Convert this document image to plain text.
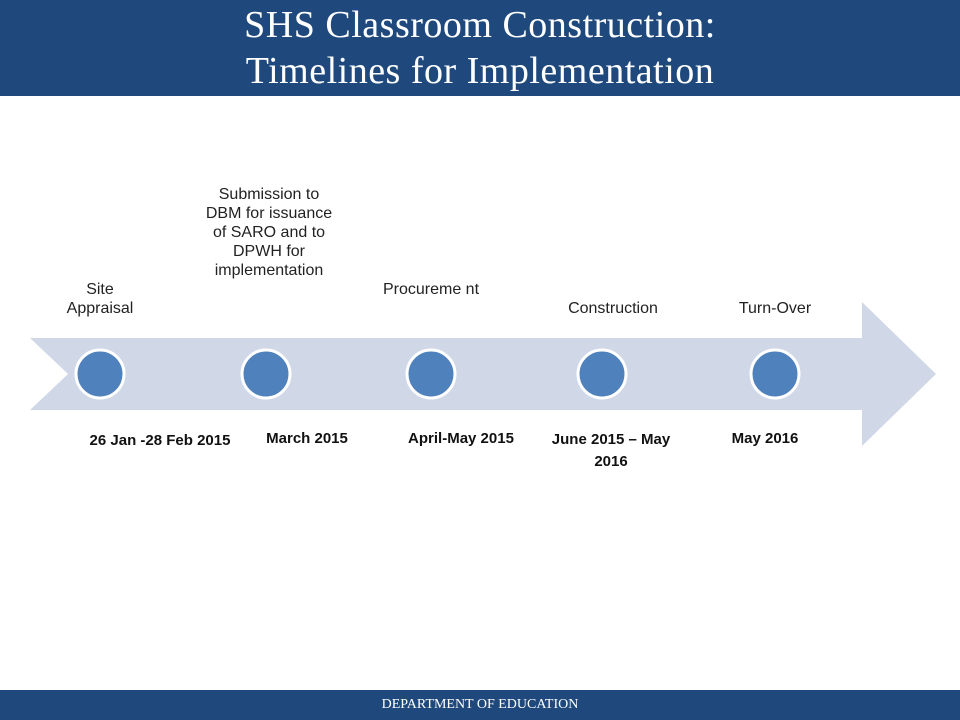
SHS Classroom Construction:
Timelines for Implementation
Site Appraisal
Submission to DBM for issuance of SARO and to DPWH for implementation
Procureme nt
Construction	Turn-Over
26 Jan -28 Feb 2015	March 2015	April-May 2015	June 2015 – May 2016
May 2016
DEPARTMENT OF EDUCATION
